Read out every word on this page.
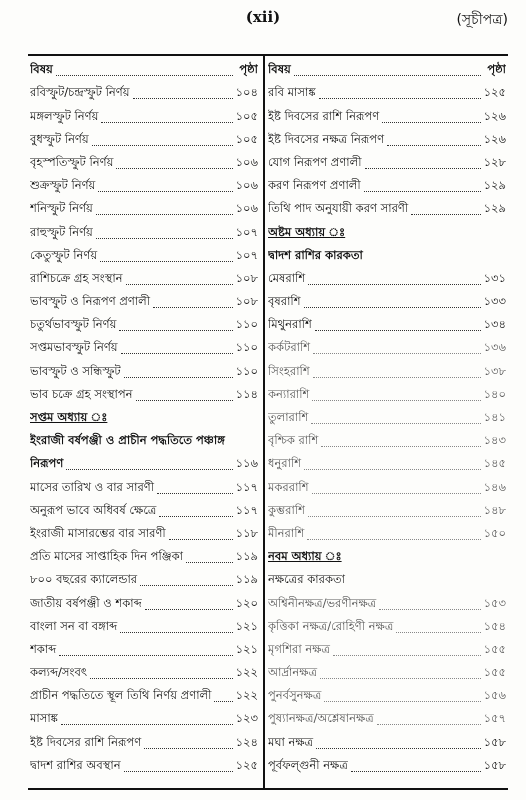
(xii)	(সূচীপত্র)
বিষয়	পৃষ্ঠা
রবিস্ফুট/চন্দ্রস্ফুট নির্ণয়	১০৪
মঙ্গলস্ফুট নির্ণয়	১০৫
বুধস্ফুট নির্ণয়	১০৫
বৃহস্পতিস্ফুট নির্ণয়	১০৬
শুক্রস্ফুট নির্ণয়	১০৬
শনিস্ফুট নির্ণয়	১০৬
রাহুস্ফুট নির্ণয়	১০৭
কেতুস্ফুট নির্ণয়	১০৭
রাশিচক্রে গ্রহ সংস্থান	১০৮
ভাবস্ফুট ও নিরূপণ প্রণালী	১০৮
চতুর্থভাবস্ফুট নির্ণয়	১১০
সপ্তমভাবস্ফুট নির্ণয়	১১০
ভাবস্ফুট ও সন্ধিস্ফুট	১১০
ভাব চক্রে গ্রহ সংস্থাপন	১১৪
সপ্তম অধ্যায় ঃ
ইংরাজী বর্ষপঞ্জী ও প্রাচীন পদ্ধতিতে পঞ্চাঙ্গ
নিরূপণ	১১৬
মাসের তারিখ ও বার সারণী	১১৭
অনুরূপ ভাবে অধিবর্ষ ক্ষেত্রে	১১৭
ইংরাজী মাসারম্ভের বার সারণী	১১৮
প্রতি মাসের সাপ্তাহিক দিন পঞ্জিকা	১১৯
৮০০ বছরের ক্যালেন্ডার	১১৯
জাতীয় বর্ষপঞ্জী ও শকাব্দ	১২০
বাংলা সন বা বঙ্গাব্দ	১২১
শকাব্দ	১২১
কল্যব্দ/সংবৎ	১২২
প্রাচীন পদ্ধতিতে স্থূল তিথি নির্ণয় প্রণালী ১২২
মাসাঙ্ক	১২৩
ইষ্ট দিবসের রাশি নিরূপণ	১২৪
দ্বাদশ রাশির অবস্থান	১২৫
বিষয়	পৃষ্ঠা
রবি মাসাঙ্ক	১২৫
ইষ্ট দিবসের রাশি নিরূপণ	১২৬
ইষ্ট দিবসের নক্ষত্র নিরূপণ	১২৬
যোগ নিরূপণ প্রণালী	১২৮
করণ নিরূপণ প্রণালী	১২৯
তিথি পাদ অনুযায়ী করণ সারণী	১২৯
অষ্টম অধ্যায় ঃ
দ্বাদশ রাশির কারকতা
মেষরাশি	১৩১
বৃষরাশি	১৩৩
মিথুনরাশি	১৩৪
কর্কটরাশি	১৩৬
সিংহরাশি	১৩৮
কন্যারাশি	১৪০
তুলারাশি	১৪১
বৃশ্চিক রাশি	১৪৩
ধনুরাশি	১৪৫
মকররাশি	১৪৬
কুম্ভরাশি	১৪৮
মীনরাশি	১৫০
নবম অধ্যায় ঃ
নক্ষত্রের কারকতা
অশ্বিনীনক্ষত্র/ভরণীনক্ষত্র	১৫৩
কৃত্তিকা নক্ষত্র/রোহিণী নক্ষত্র	১৫৪
মৃগশিরা নক্ষত্র	১৫৫
আর্দ্রানক্ষত্র	১৫৫
পুনর্বসুনক্ষত্র	১৫৬
পুষ্যানক্ষত্র/অশ্লেষানক্ষত্র	১৫৭
মঘা নক্ষত্র	১৫৮
পূর্বফল্গুনী নক্ষত্র	১৫৮
